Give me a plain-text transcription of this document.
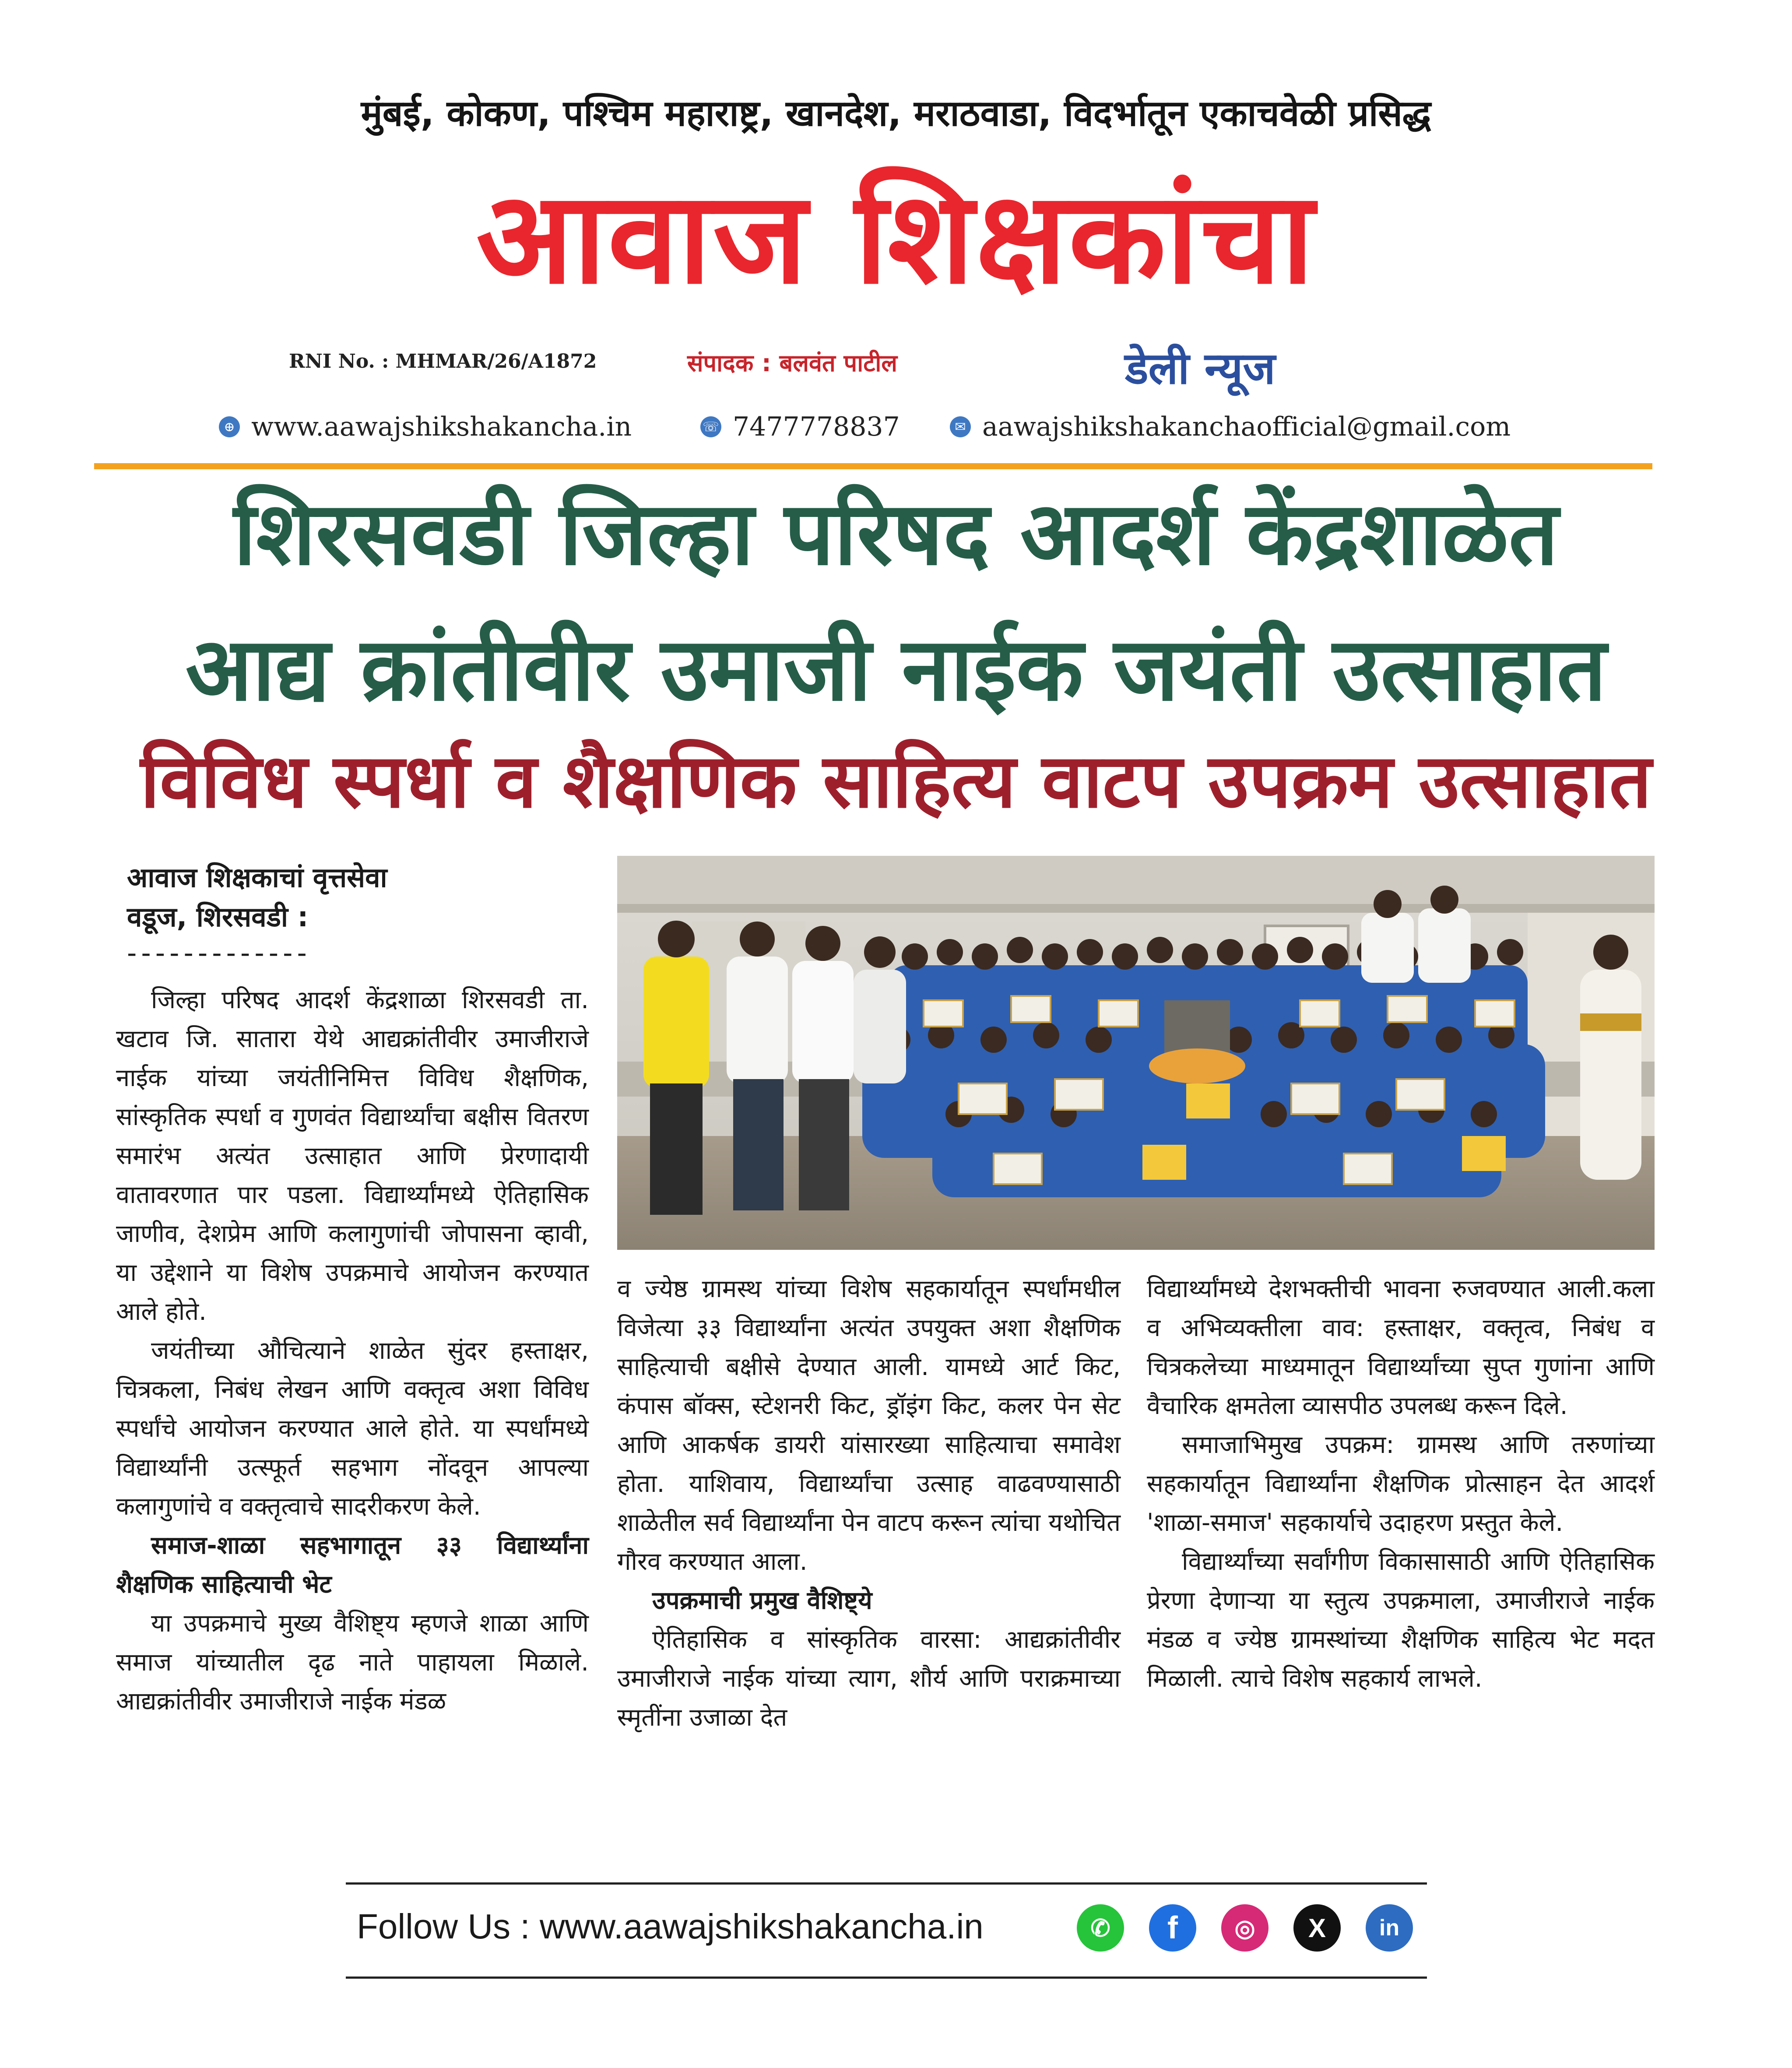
मुंबई, कोकण, पश्चिम महाराष्ट्र, खानदेश, मराठवाडा, विदर्भातून एकाचवेळी प्रसिद्ध
आवाज शिक्षकांचा
RNI No. : MHMAR/26/A1872	संपादक : बलवंत पाटील	डेली न्यूज
⊕ www.aawajshikshakancha.in	☏ 7477778837	✉ aawajshikshakanchaofficial@gmail.com
शिरसवडी जिल्हा परिषद आदर्श केंद्रशाळेत
आद्य क्रांतीवीर उमाजी नाईक जयंती उत्साहात
विविध स्पर्धा व शैक्षणिक साहित्य वाटप उपक्रम उत्साहात
आवाज शिक्षकाचां वृत्तसेवा
वडूज, शिरसवडी :
-------------

जिल्हा परिषद आदर्श केंद्रशाळा शिरसवडी ता. खटाव जि. सातारा येथे आद्यक्रांतीवीर उमाजीराजे नाईक यांच्या जयंतीनिमित्त विविध शैक्षणिक, सांस्कृतिक स्पर्धा व गुणवंत विद्यार्थ्यांचा बक्षीस वितरण समारंभ अत्यंत उत्साहात आणि प्रेरणादायी वातावरणात पार पडला. विद्यार्थ्यांमध्ये ऐतिहासिक जाणीव, देशप्रेम आणि कलागुणांची जोपासना व्हावी, या उद्देशाने या विशेष उपक्रमाचे आयोजन करण्यात आले होते.

जयंतीच्या औचित्याने शाळेत सुंदर हस्ताक्षर, चित्रकला, निबंध लेखन आणि वक्तृत्व अशा विविध स्पर्धांचे आयोजन करण्यात आले होते. या स्पर्धांमध्ये विद्यार्थ्यांनी उत्स्फूर्त सहभाग नोंदवून आपल्या कलागुणांचे व वक्तृत्वाचे सादरीकरण केले.

समाज-शाळा सहभागातून ३३ विद्यार्थ्यांना शैक्षणिक साहित्याची भेट

या उपक्रमाचे मुख्य वैशिष्ट्य म्हणजे शाळा आणि समाज यांच्यातील दृढ नाते पाहायला मिळाले. आद्यक्रांतीवीर उमाजीराजे नाईक मंडळ

व ज्येष्ठ ग्रामस्थ यांच्या विशेष सहकार्यातून स्पर्धांमधील विजेत्या ३३ विद्यार्थ्यांना अत्यंत उपयुक्त अशा शैक्षणिक साहित्याची बक्षीसे देण्यात आली. यामध्ये आर्ट किट, कंपास बॉक्स, स्टेशनरी किट, ड्रॉइंग किट, कलर पेन सेट आणि आकर्षक डायरी यांसारख्या साहित्याचा समावेश होता. याशिवाय, विद्यार्थ्यांचा उत्साह वाढवण्यासाठी शाळेतील सर्व विद्यार्थ्यांना पेन वाटप करून त्यांचा यथोचित गौरव करण्यात आला.

उपक्रमाची प्रमुख वैशिष्ट्ये

ऐतिहासिक व सांस्कृतिक वारसा: आद्यक्रांतीवीर उमाजीराजे नाईक यांच्या त्याग, शौर्य आणि पराक्रमाच्या स्मृतींना उजाळा देत

विद्यार्थ्यांमध्ये देशभक्तीची भावना रुजवण्यात आली.कला व अभिव्यक्तीला वाव: हस्ताक्षर, वक्तृत्व, निबंध व चित्रकलेच्या माध्यमातून विद्यार्थ्यांच्या सुप्त गुणांना आणि वैचारिक क्षमतेला व्यासपीठ उपलब्ध करून दिले.

समाजाभिमुख उपक्रम: ग्रामस्थ आणि तरुणांच्या सहकार्यातून विद्यार्थ्यांना शैक्षणिक प्रोत्साहन देत आदर्श 'शाळा-समाज' सहकार्याचे उदाहरण प्रस्तुत केले.

विद्यार्थ्यांच्या सर्वांगीण विकासासाठी आणि ऐतिहासिक प्रेरणा देणाऱ्या या स्तुत्य उपक्रमाला, उमाजीराजे नाईक मंडळ व ज्येष्ठ ग्रामस्थांच्या शैक्षणिक साहित्य भेट मदत मिळाली. त्याचे विशेष सहकार्य लाभले.

Follow Us : www.aawajshikshakancha.in	✆	f	◎	X	in
